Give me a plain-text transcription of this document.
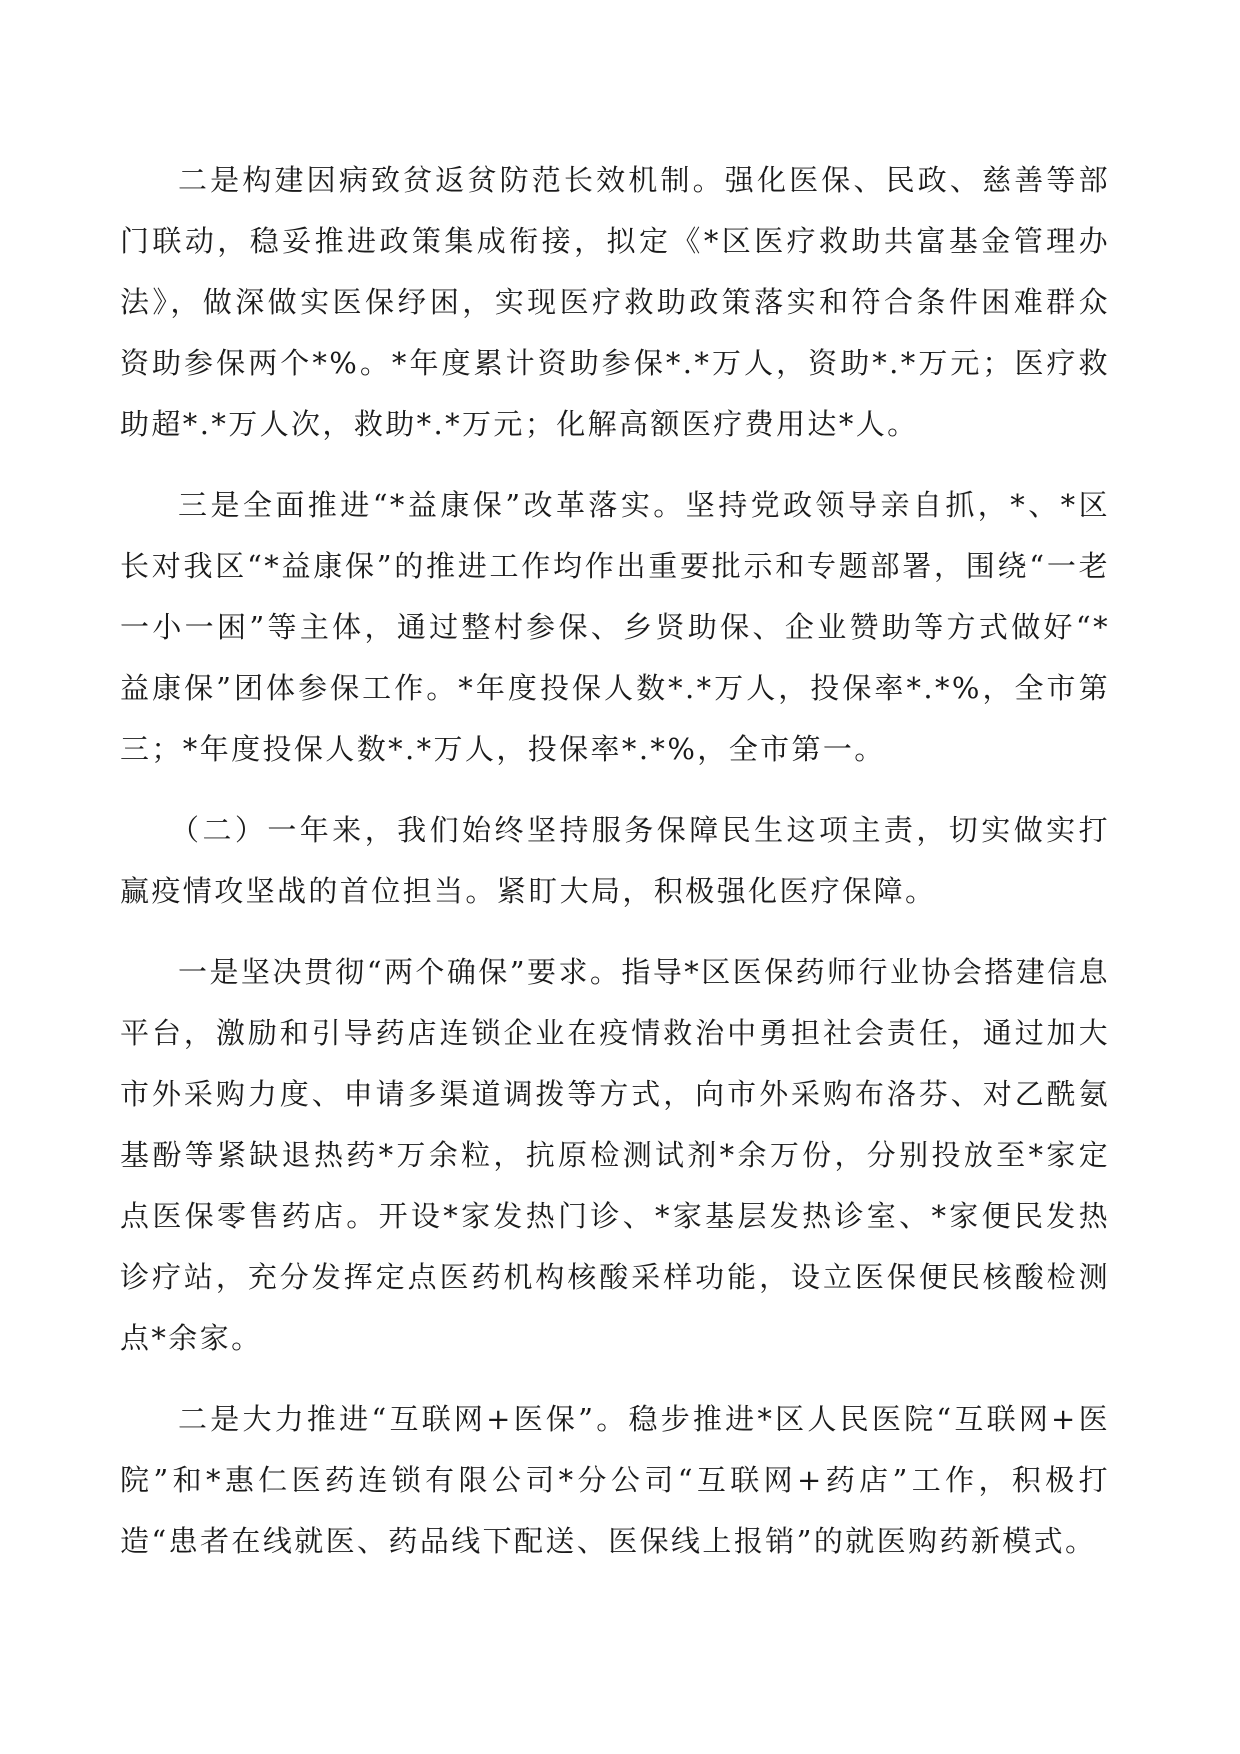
二是构建因病致贫返贫防范长效机制。强化医保、民政、慈善等部门联动，稳妥推进政策集成衔接，拟定《*区医疗救助共富基金管理办法》，做深做实医保纾困，实现医疗救助政策落实和符合条件困难群众资助参保两个*%。*年度累计资助参保*.*万人，资助*.*万元；医疗救助超*.*万人次，救助*.*万元；化解高额医疗费用达*人。

三是全面推进“*益康保”改革落实。坚持党政领导亲自抓，*、*区长对我区“*益康保”的推进工作均作出重要批示和专题部署，围绕“一老一小一困”等主体，通过整村参保、乡贤助保、企业赞助等方式做好“*益康保”团体参保工作。*年度投保人数*.*万人，投保率*.*%，全市第三；*年度投保人数*.*万人，投保率*.*%，全市第一。

（二）一年来，我们始终坚持服务保障民生这项主责，切实做实打赢疫情攻坚战的首位担当。紧盯大局，积极强化医疗保障。

一是坚决贯彻“两个确保”要求。指导*区医保药师行业协会搭建信息平台，激励和引导药店连锁企业在疫情救治中勇担社会责任，通过加大市外采购力度、申请多渠道调拨等方式，向市外采购布洛芬、对乙酰氨基酚等紧缺退热药*万余粒，抗原检测试剂*余万份，分别投放至*家定点医保零售药店。开设*家发热门诊、*家基层发热诊室、*家便民发热诊疗站，充分发挥定点医药机构核酸采样功能，设立医保便民核酸检测点*余家。

二是大力推进“互联网+医保”。稳步推进*区人民医院“互联网+医院”和*惠仁医药连锁有限公司*分公司“互联网+药店”工作，积极打造“患者在线就医、药品线下配送、医保线上报销”的就医购药新模式。
